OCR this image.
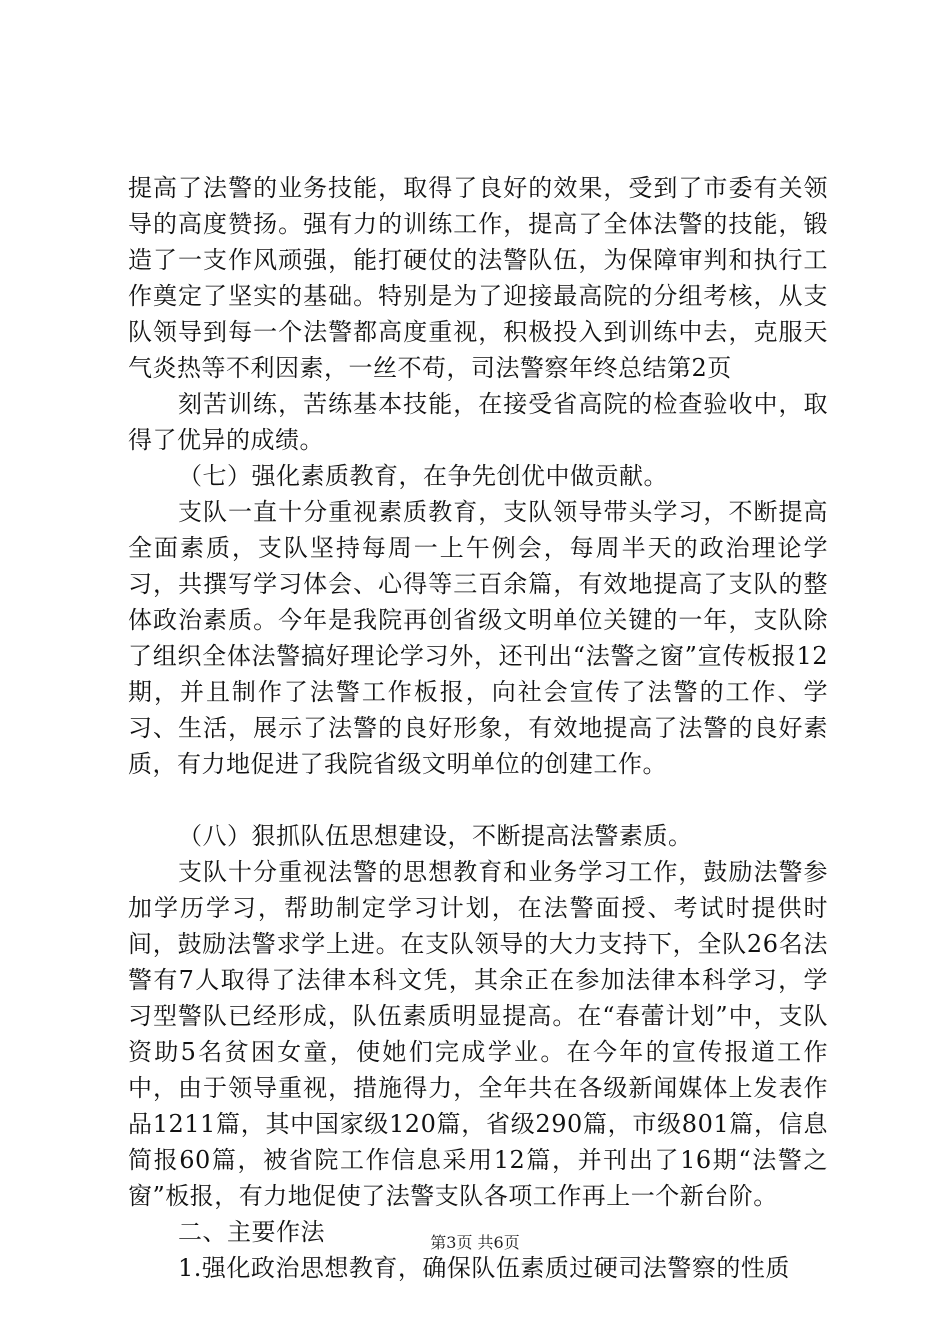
提高了法警的业务技能，取得了良好的效果，受到了市委有关领导的高度赞扬。强有力的训练工作，提高了全体法警的技能，锻造了一支作风顽强，能打硬仗的法警队伍，为保障审判和执行工作奠定了坚实的基础。特别是为了迎接最高院的分组考核，从支队领导到每一个法警都高度重视，积极投入到训练中去，克服天气炎热等不利因素，一丝不苟，司法警察年终总结第2页

刻苦训练，苦练基本技能，在接受省高院的检查验收中，取得了优异的成绩。

（七）强化素质教育，在争先创优中做贡献。

支队一直十分重视素质教育，支队领导带头学习，不断提高全面素质，支队坚持每周一上午例会，每周半天的政治理论学习，共撰写学习体会、心得等三百余篇，有效地提高了支队的整体政治素质。今年是我院再创省级文明单位关键的一年，支队除了组织全体法警搞好理论学习外，还刊出“法警之窗”宣传板报12期，并且制作了法警工作板报，向社会宣传了法警的工作、学习、生活，展示了法警的良好形象，有效地提高了法警的良好素质，有力地促进了我院省级文明单位的创建工作。

（八）狠抓队伍思想建设，不断提高法警素质。

支队十分重视法警的思想教育和业务学习工作，鼓励法警参加学历学习，帮助制定学习计划，在法警面授、考试时提供时间，鼓励法警求学上进。在支队领导的大力支持下，全队26名法警有7人取得了法律本科文凭，其余正在参加法律本科学习，学习型警队已经形成，队伍素质明显提高。在“春蕾计划”中，支队资助5名贫困女童，使她们完成学业。在今年的宣传报道工作中，由于领导重视，措施得力，全年共在各级新闻媒体上发表作品1211篇，其中国家级120篇，省级290篇，市级801篇，信息简报60篇，被省院工作信息采用12篇，并刊出了16期“法警之窗”板报，有力地促使了法警支队各项工作再上一个新台阶。

二、主要作法

1.强化政治思想教育，确保队伍素质过硬司法警察的性质

第3页 共6页
